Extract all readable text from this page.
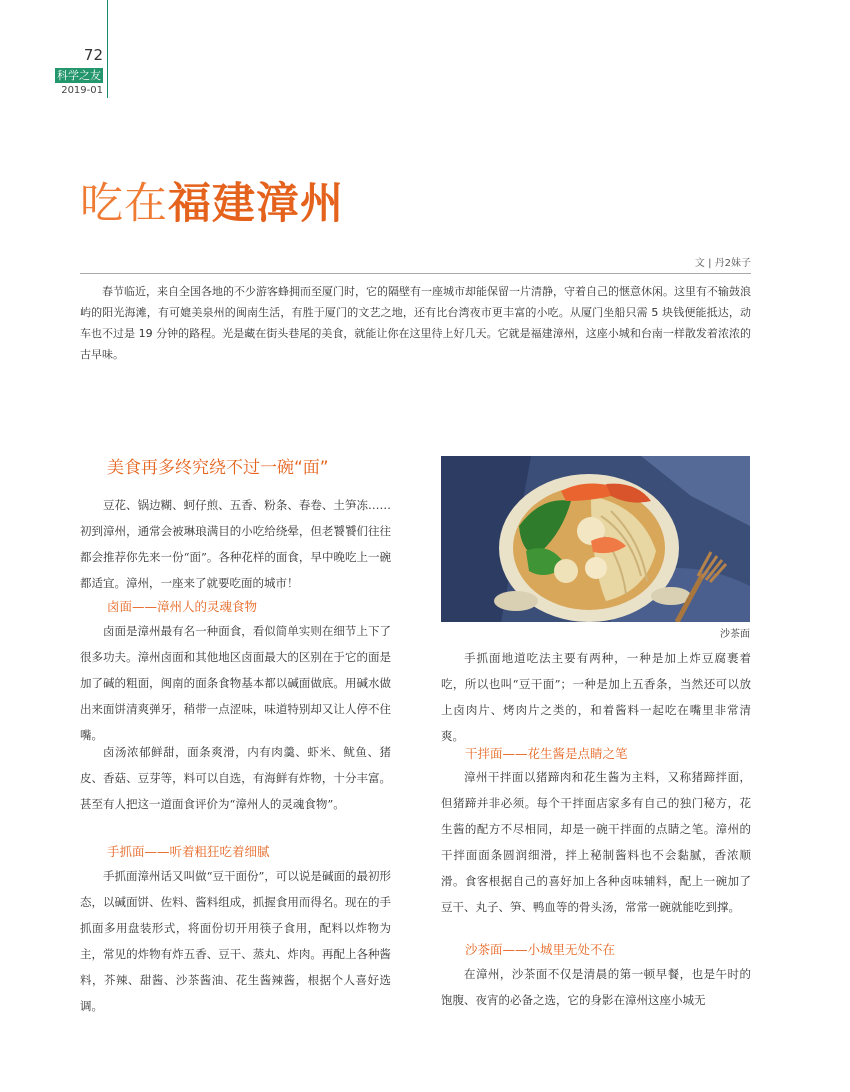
72
科学之友
2019-01
吃在福建漳州
文 | 丹2妹子

春节临近，来自全国各地的不少游客蜂拥而至厦门时，它的隔壁有一座城市却能保留一片清静，守着自己的惬意休闲。这里有不输鼓浪屿的阳光海滩，有可媲美泉州的闽南生活，有胜于厦门的文艺之地，还有比台湾夜市更丰富的小吃。从厦门坐船只需 5 块钱便能抵达，动车也不过是 19 分钟的路程。光是藏在街头巷尾的美食，就能让你在这里待上好几天。它就是福建漳州，这座小城和台南一样散发着浓浓的古早味。

美食再多终究绕不过一碗“面”

豆花、锅边糊、蚵仔煎、五香、粉条、春卷、土笋冻……初到漳州，通常会被琳琅满目的小吃给绕晕，但老饕饕们往往都会推荐你先来一份“面”。各种花样的面食，早中晚吃上一碗都适宜。漳州，一座来了就要吃面的城市！

卤面——漳州人的灵魂食物

卤面是漳州最有名一种面食，看似简单实则在细节上下了很多功夫。漳州卤面和其他地区卤面最大的区别在于它的面是加了碱的粗面，闽南的面条食物基本都以碱面做底。用碱水做出来面饼清爽弹牙，稍带一点涩味，味道特别却又让人停不住嘴。

卤汤浓郁鲜甜，面条爽滑，内有肉羹、虾米、鱿鱼、猪皮、香菇、豆芽等，料可以自选，有海鲜有炸物，十分丰富。甚至有人把这一道面食评价为“漳州人的灵魂食物”。

手抓面——听着粗狂吃着细腻

手抓面漳州话又叫做“豆干面份”，可以说是碱面的最初形态，以碱面饼、佐料、酱料组成，抓握食用而得名。现在的手抓面多用盘装形式，将面份切开用筷子食用，配料以炸物为主，常见的炸物有炸五香、豆干、蒸丸、炸肉。再配上各种酱料，芥辣、甜酱、沙茶酱油、花生酱辣酱，根据个人喜好选调。

沙茶面

手抓面地道吃法主要有两种，一种是加上炸豆腐裹着吃，所以也叫“豆干面”；一种是加上五香条，当然还可以放上卤肉片、烤肉片之类的，和着酱料一起吃在嘴里非常清爽。

干拌面——花生酱是点睛之笔

漳州干拌面以猪蹄肉和花生酱为主料，又称猪蹄拌面，但猪蹄并非必须。每个干拌面店家多有自己的独门秘方，花生酱的配方不尽相同，却是一碗干拌面的点睛之笔。漳州的干拌面面条圆润细滑，拌上秘制酱料也不会黏腻，香浓顺滑。食客根据自己的喜好加上各种卤味辅料，配上一碗加了豆干、丸子、笋、鸭血等的骨头汤，常常一碗就能吃到撑。

沙茶面——小城里无处不在

在漳州，沙茶面不仅是清晨的第一顿早餐，也是午时的饱腹、夜宵的必备之选，它的身影在漳州这座小城无
